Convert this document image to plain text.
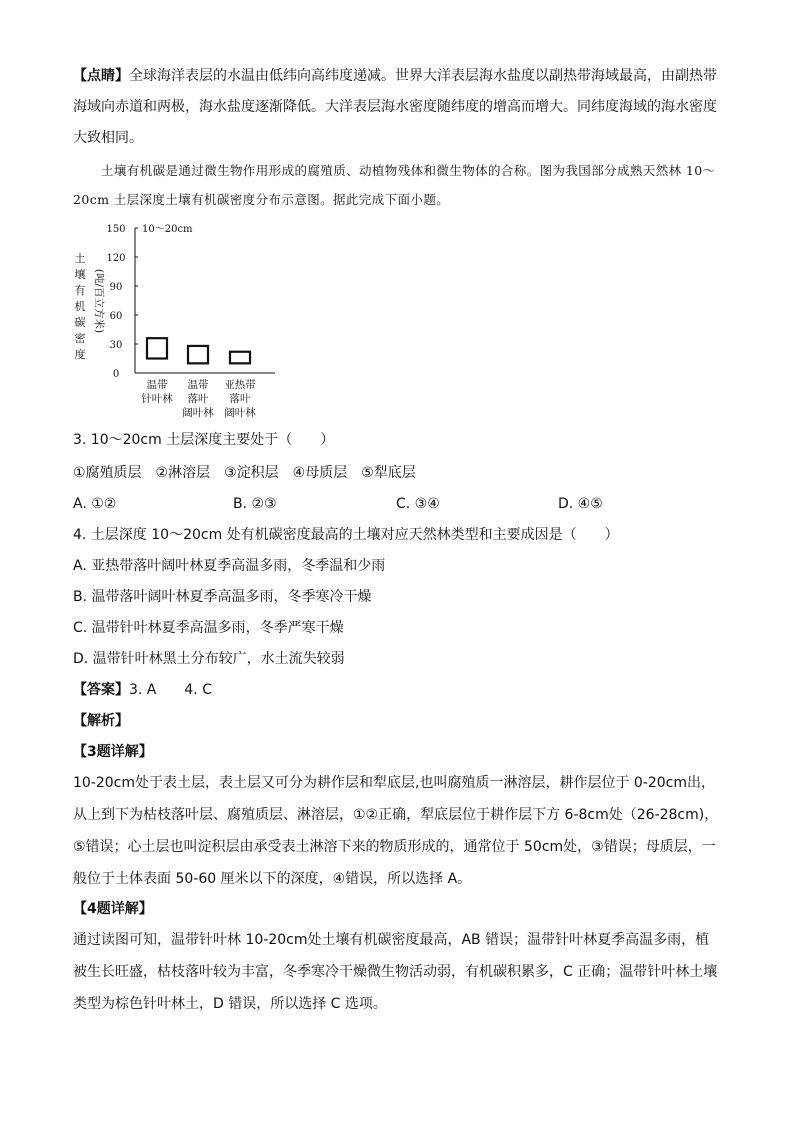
【点睛】全球海洋表层的水温由低纬向高纬度递减。世界大洋表层海水盐度以副热带海域最高，由副热带海域向赤道和两极，海水盐度逐渐降低。大洋表层海水密度随纬度的增高而增大。同纬度海域的海水密度大致相同。

土壤有机碳是通过微生物作用形成的腐殖质、动植物残体和微生物体的合称。图为我国部分成熟天然林 10～20cm 土层深度土壤有机碳密度分布示意图。据此完成下面小题。

土
壤
有
机
碳
密
度
(吨/百立方米)
150
120
90
60
30
0
10～20cm
温带
针叶林
温带
落叶
阔叶林
亚热带
落叶
阔叶林
3. 10～20cm 土层深度主要处于（　　）
①腐殖质层　②淋溶层　③淀积层　④母质层　⑤犁底层
A. ①②	B. ②③	C. ③④	D. ④⑤
4. 土层深度 10～20cm 处有机碳密度最高的土壤对应天然林类型和主要成因是（　　）
A. 亚热带落叶阔叶林夏季高温多雨，冬季温和少雨
B. 温带落叶阔叶林夏季高温多雨，冬季寒冷干燥
C. 温带针叶林夏季高温多雨，冬季严寒干燥
D. 温带针叶林黑土分布较广，水土流失较弱
【答案】3. A　　4. C
【解析】
【3题详解】

10-20cm处于表土层，表土层又可分为耕作层和犁底层,也叫腐殖质一淋溶层，耕作层位于 0-20cm出，从上到下为枯枝落叶层、腐殖质层、淋溶层，①②正确，犁底层位于耕作层下方 6-8cm处（26-28cm)，⑤错误；心土层也叫淀积层由承受表土淋溶下来的物质形成的，通常位于 50cm处，③错误；母质层，一般位于土体表面 50-60 厘米以下的深度，④错误，所以选择 A。

【4题详解】

通过读图可知，温带针叶林 10-20cm处土壤有机碳密度最高，AB 错误；温带针叶林夏季高温多雨，植被生长旺盛，枯枝落叶较为丰富，冬季寒冷干燥微生物活动弱，有机碳积累多，C 正确；温带针叶林土壤类型为棕色针叶林土，D 错误，所以选择 C 选项。
